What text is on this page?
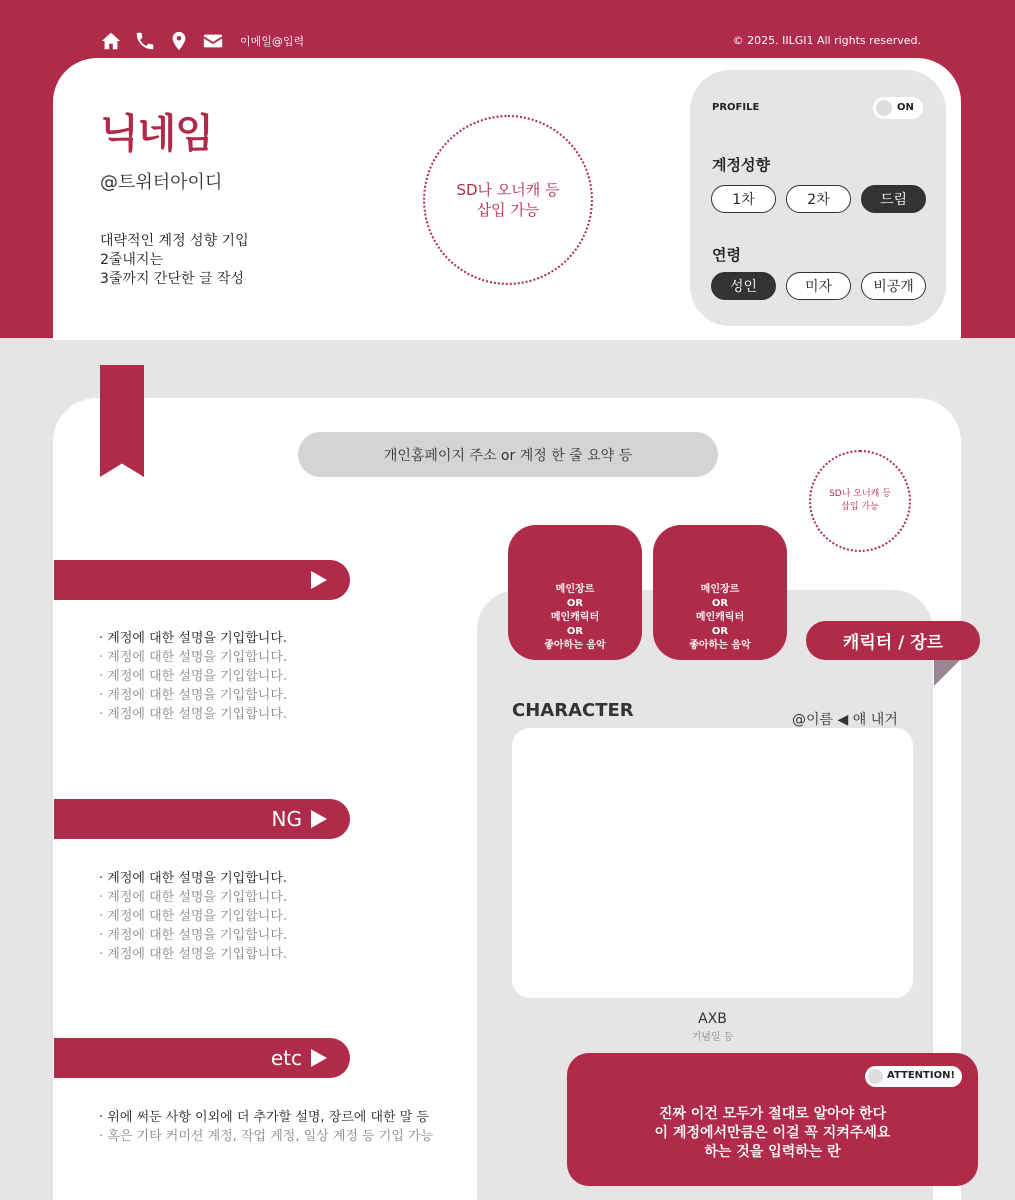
이메일@입력	© 2025. IILGI1 All rights reserved.
닉네임
@트위터아이디
대략적인 계정 성향 기입
2줄내지는
3줄까지 간단한 글 작성
SD나 오너캐 등
삽입 가능
PROFILE	ON
계정성향
1차	2차	드림
연령
성인	미자	비공개
개인홈페이지 주소 or 계정 한 줄 요약 등
SD나 오너캐 등
삽입 가능
· 계정에 대한 설명을 기입합니다.
· 계정에 대한 설명을 기입합니다.
· 계정에 대한 설명을 기입합니다.
· 계정에 대한 설명을 기입합니다.
· 계정에 대한 설명을 기입합니다.
NG
· 계정에 대한 설명을 기입합니다.
· 계정에 대한 설명을 기입합니다.
· 계정에 대한 설명을 기입합니다.
· 계정에 대한 설명을 기입합니다.
· 계정에 대한 설명을 기입합니다.
etc
· 위에 써둔 사항 이외에 더 추가할 설명, 장르에 대한 말 등
· 혹은 기타 커미션 계정, 작업 계정, 일상 계정 등 기입 가능
메인장르
OR
메인캐릭터
OR
좋아하는 음악
메인장르
OR
메인캐릭터
OR
좋아하는 음악	캐릭터 / 장르
CHARACTER	@이름 ◀ 얘 내거
AXB
기념일 등
ATTENTION!
진짜 이건 모두가 절대로 알아야 한다
이 계정에서만큼은 이걸 꼭 지켜주세요
하는 것을 입력하는 란
